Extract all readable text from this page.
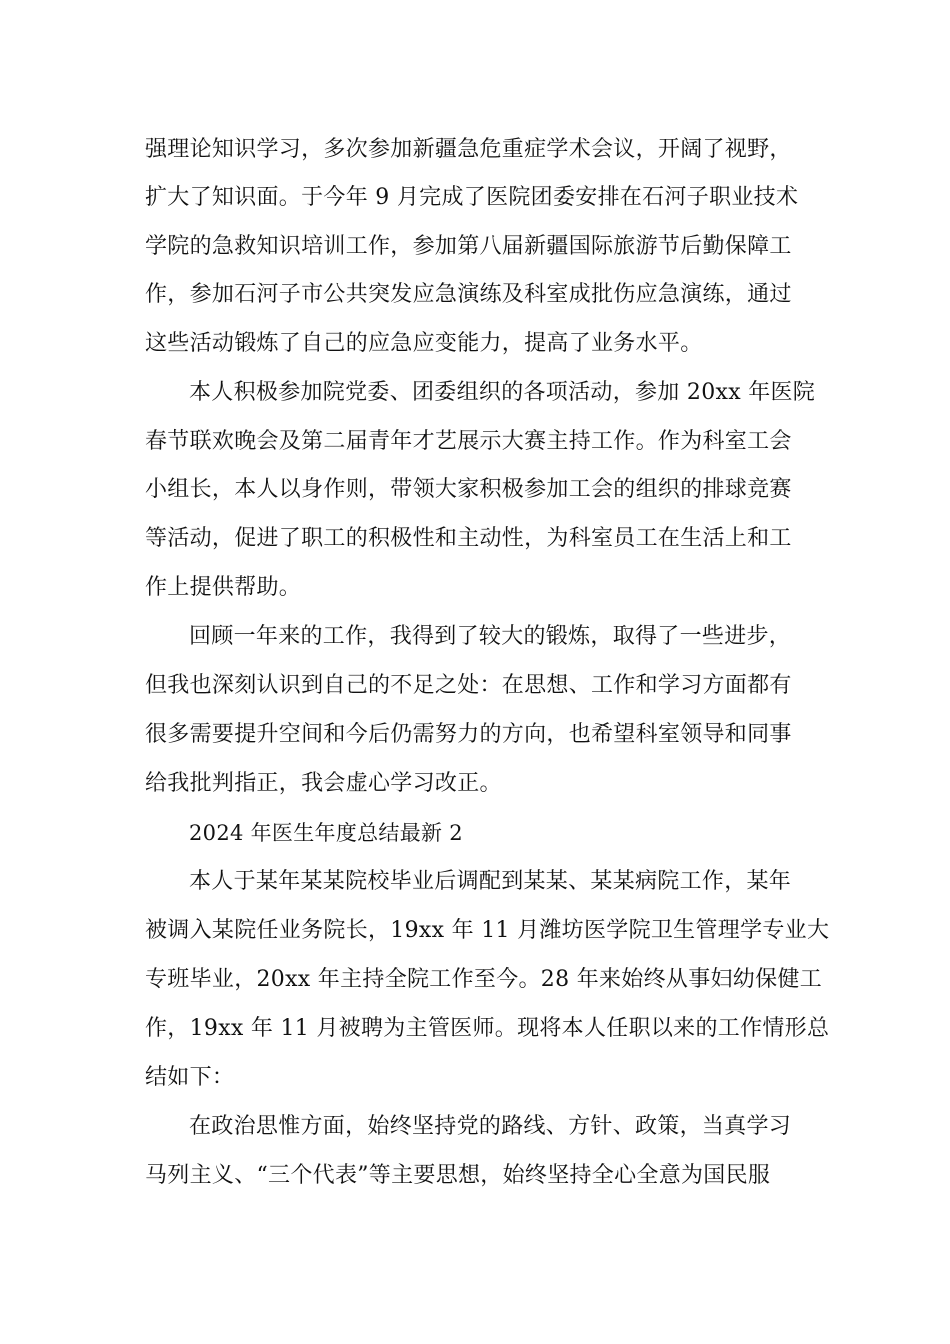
强理论知识学习，多次参加新疆急危重症学术会议，开阔了视野，
扩大了知识面。于今年 9 月完成了医院团委安排在石河子职业技术
学院的急救知识培训工作，参加第八届新疆国际旅游节后勤保障工
作，参加石河子市公共突发应急演练及科室成批伤应急演练，通过
这些活动锻炼了自己的应急应变能力，提高了业务水平。
本人积极参加院党委、团委组织的各项活动，参加 20xx 年医院
春节联欢晚会及第二届青年才艺展示大赛主持工作。作为科室工会
小组长，本人以身作则，带领大家积极参加工会的组织的排球竞赛
等活动，促进了职工的积极性和主动性，为科室员工在生活上和工
作上提供帮助。
回顾一年来的工作，我得到了较大的锻炼，取得了一些进步，
但我也深刻认识到自己的不足之处：在思想、工作和学习方面都有
很多需要提升空间和今后仍需努力的方向，也希望科室领导和同事
给我批判指正，我会虚心学习改正。
2024 年医生年度总结最新 2
本人于某年某某院校毕业后调配到某某、某某病院工作，某年
被调入某院任业务院长，19xx 年 11 月潍坊医学院卫生管理学专业大
专班毕业，20xx 年主持全院工作至今。28 年来始终从事妇幼保健工
作，19xx 年 11 月被聘为主管医师。现将本人任职以来的工作情形总
结如下：
在政治思惟方面，始终坚持党的路线、方针、政策，当真学习
马列主义、“三个代表”等主要思想，始终坚持全心全意为国民服
